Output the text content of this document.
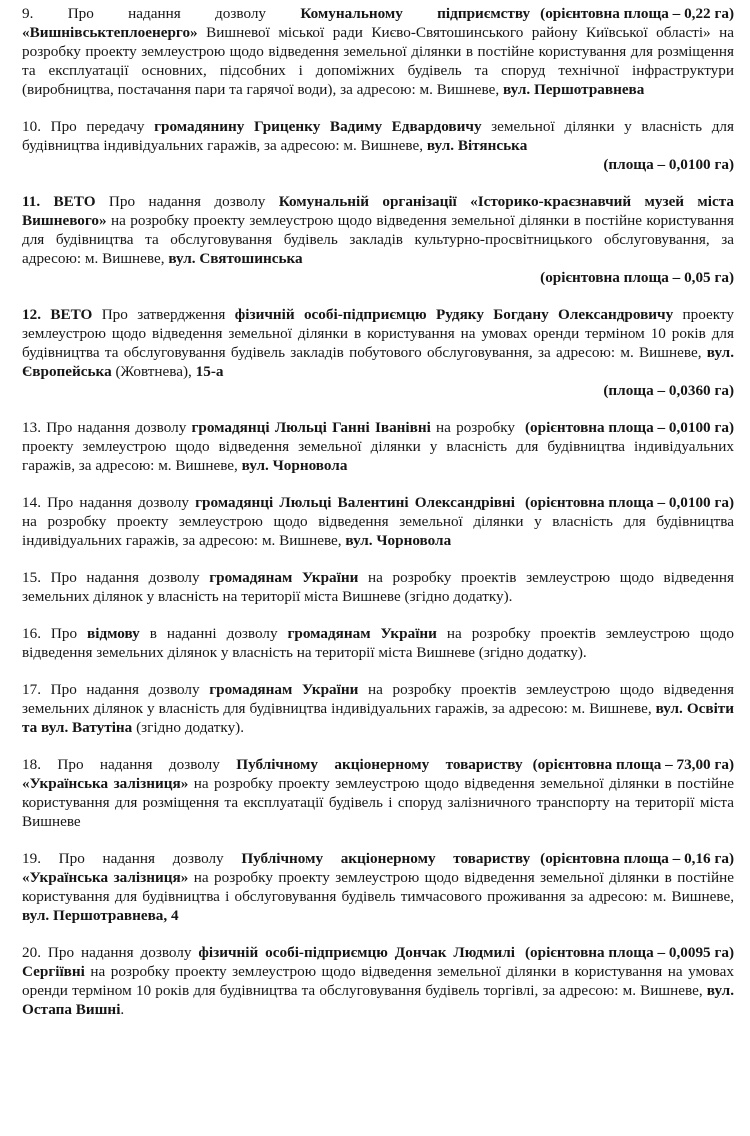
(орієнтовна площа – 0,22 га)
9. Про надання дозволу Комунальному підприємству «Вишнівськтеплоенерго» Вишневої міської ради Києво-Святошинського району Київської області» на розробку проекту землеустрою щодо відведення земельної ділянки в постійне користування для розміщення та експлуатації основних, підсобних і допоміжних будівель та споруд технічної інфраструктури (виробництва, постачання пари та гарячої води), за адресою: м. Вишневе, вул. Першотравнева
10. Про передачу громадянину Гриценку Вадиму Едвардовичу земельної ділянки у власність для будівництва індивідуальних гаражів, за адресою: м. Вишневе, вул. Вітянська
(площа – 0,0100 га)
11. ВЕТО Про надання дозволу Комунальній організації «Історико-краєзнавчий музей міста Вишневого» на розробку проекту землеустрою щодо відведення земельної ділянки в постійне користування для будівництва та обслуговування будівель закладів культурно-просвітницького обслуговування, за адресою: м. Вишневе, вул. Святошинська
(орієнтовна площа – 0,05 га)
12. ВЕТО Про затвердження фізичній особі-підприємцю Рудяку Богдану Олександровичу проекту землеустрою щодо відведення земельної ділянки в користування на умовах оренди терміном 10 років для будівництва та обслуговування будівель закладів побутового обслуговування, за адресою: м. Вишневе, вул. Європейська (Жовтнева), 15-а
(площа – 0,0360 га)
(орієнтовна площа – 0,0100 га)
13. Про надання дозволу громадянці Люльці Ганні Іванівні на розробку проекту землеустрою щодо відведення земельної ділянки у власність для будівництва індивідуальних гаражів, за адресою: м. Вишневе, вул. Чорновола
(орієнтовна площа – 0,0100 га)
14. Про надання дозволу громадянці Люльці Валентині Олександрівні на розробку проекту землеустрою щодо відведення земельної ділянки у власність для будівництва індивідуальних гаражів, за адресою: м. Вишневе, вул. Чорновола
15. Про надання дозволу громадянам України на розробку проектів землеустрою щодо відведення земельних ділянок у власність на території міста Вишневе (згідно додатку).
16. Про відмову в наданні дозволу громадянам України на розробку проектів землеустрою щодо відведення земельних ділянок у власність на території міста Вишневе (згідно додатку).
17. Про надання дозволу громадянам України на розробку проектів землеустрою щодо відведення земельних ділянок у власність для будівництва індивідуальних гаражів, за адресою: м. Вишневе, вул. Освіти та вул. Ватутіна (згідно додатку).
(орієнтовна площа – 73,00 га)
18. Про надання дозволу Публічному акціонерному товариству «Українська залізниця» на розробку проекту землеустрою щодо відведення земельної ділянки в постійне користування для розміщення та експлуатації будівель і споруд залізничного транспорту на території міста Вишневе
(орієнтовна площа – 0,16 га)
19. Про надання дозволу Публічному акціонерному товариству «Українська залізниця» на розробку проекту землеустрою щодо відведення земельної ділянки в постійне користування для будівництва і обслуговування будівель тимчасового проживання за адресою: м. Вишневе, вул. Першотравнева, 4
(орієнтовна площа – 0,0095 га)
20. Про надання дозволу фізичній особі-підприємцю Дончак Людмилі Сергіївні на розробку проекту землеустрою щодо відведення земельної ділянки в користування на умовах оренди терміном 10 років для будівництва та обслуговування будівель торгівлі, за адресою: м. Вишневе, вул. Остапа Вишні.
